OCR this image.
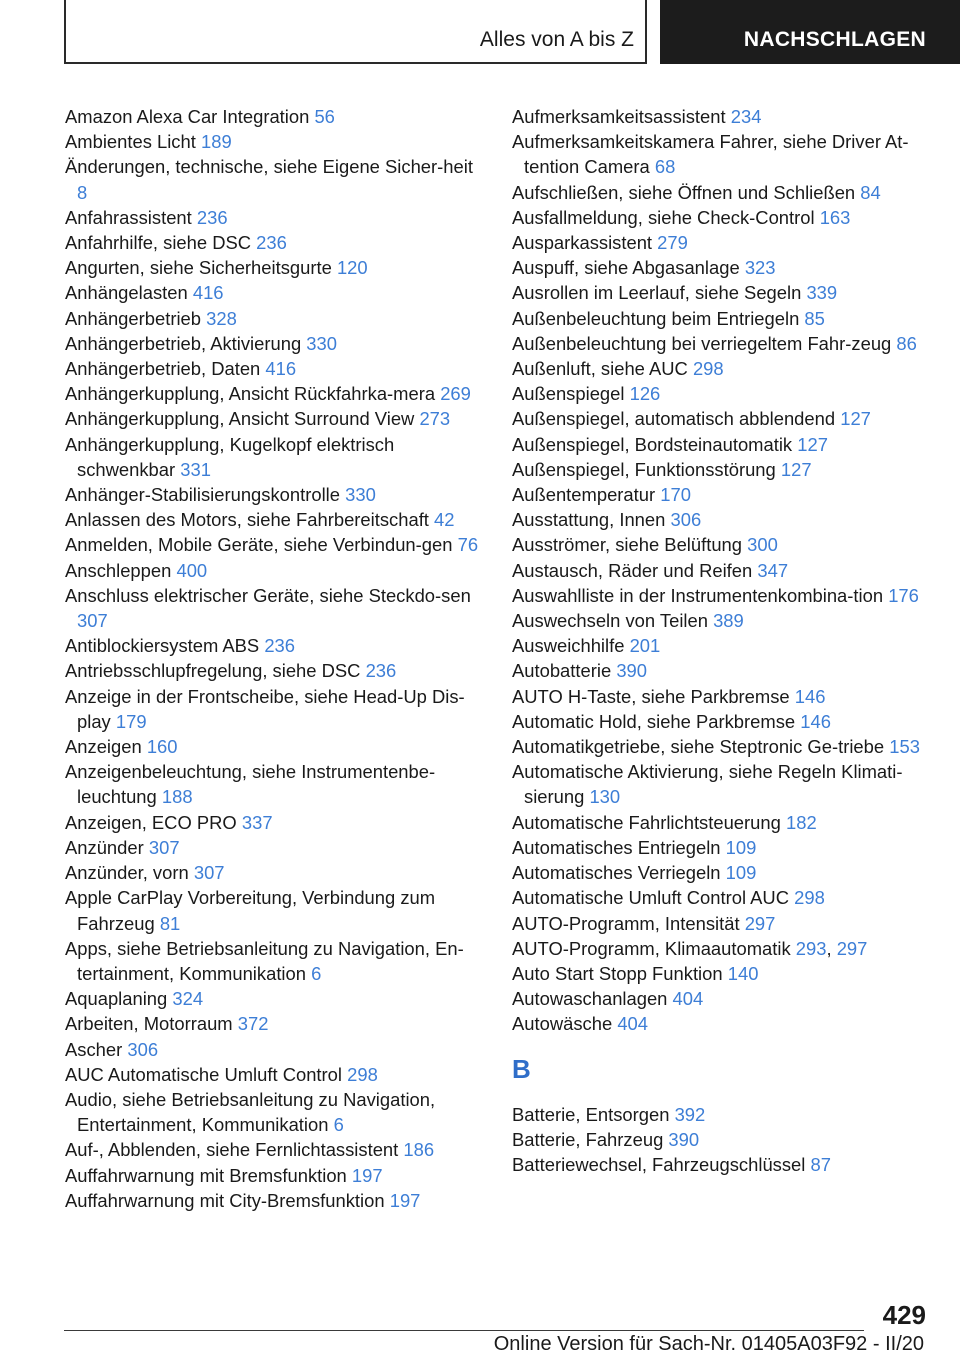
Alles von A bis Z	NACHSCHLAGEN

Amazon Alexa Car Integration 56

Ambientes Licht 189

Änderungen, technische, siehe Eigene Sicher‐heit 8

Anfahrassistent 236

Anfahrhilfe, siehe DSC 236

Angurten, siehe Sicherheitsgurte 120

Anhängelasten 416

Anhängerbetrieb 328

Anhängerbetrieb, Aktivierung 330

Anhängerbetrieb, Daten 416

Anhängerkupplung, Ansicht Rückfahrka‐mera 269

Anhängerkupplung, Ansicht Surround View 273

Anhängerkupplung, Kugelkopf elektrisch schwenkbar 331

Anhänger-Stabilisierungskontrolle 330

Anlassen des Motors, siehe Fahrbereitschaft 42

Anmelden, Mobile Geräte, siehe Verbindun‐gen 76

Anschleppen 400

Anschluss elektrischer Geräte, siehe Steckdo‐sen 307

Antiblockiersystem ABS 236

Antriebsschlupfregelung, siehe DSC 236

Anzeige in der Frontscheibe, siehe Head-Up Dis‐play 179

Anzeigen 160

Anzeigenbeleuchtung, siehe Instrumentenbe‐leuchtung 188

Anzeigen, ECO PRO 337

Anzünder 307

Anzünder, vorn 307

Apple CarPlay Vorbereitung, Verbindung zum Fahrzeug 81

Apps, siehe Betriebsanleitung zu Navigation, En‐tertainment, Kommunikation 6

Aquaplaning 324

Arbeiten, Motorraum 372

Ascher 306

AUC Automatische Umluft Control 298

Audio, siehe Betriebsanleitung zu Navigation, Entertainment, Kommunikation 6

Auf-, Abblenden, siehe Fernlichtassistent 186

Auffahrwarnung mit Bremsfunktion 197

Auffahrwarnung mit City-Bremsfunktion 197

Aufmerksamkeitsassistent 234

Aufmerksamkeitskamera Fahrer, siehe Driver At‐tention Camera 68

Aufschließen, siehe Öffnen und Schließen 84

Ausfallmeldung, siehe Check-Control 163

Ausparkassistent 279

Auspuff, siehe Abgasanlage 323

Ausrollen im Leerlauf, siehe Segeln 339

Außenbeleuchtung beim Entriegeln 85

Außenbeleuchtung bei verriegeltem Fahr‐zeug 86

Außenluft, siehe AUC 298

Außenspiegel 126

Außenspiegel, automatisch abblendend 127

Außenspiegel, Bordsteinautomatik 127

Außenspiegel, Funktionsstörung 127

Außentemperatur 170

Ausstattung, Innen 306

Ausströmer, siehe Belüftung 300

Austausch, Räder und Reifen 347

Auswahlliste in der Instrumentenkombina‐tion 176

Auswechseln von Teilen 389

Ausweichhilfe 201

Autobatterie 390

AUTO H-Taste, siehe Parkbremse 146

Automatic Hold, siehe Parkbremse 146

Automatikgetriebe, siehe Steptronic Ge‐triebe 153

Automatische Aktivierung, siehe Regeln Klimati‐sierung 130

Automatische Fahrlichtsteuerung 182

Automatisches Entriegeln 109

Automatisches Verriegeln 109

Automatische Umluft Control AUC 298

AUTO-Programm, Intensität 297

AUTO-Programm, Klimaautomatik 293, 297

Auto Start Stopp Funktion 140

Autowaschanlagen 404

Autowäsche 404

B

Batterie, Entsorgen 392

Batterie, Fahrzeug 390

Batteriewechsel, Fahrzeugschlüssel 87

429
Online Version für Sach-Nr. 01405A03F92 - II/20
